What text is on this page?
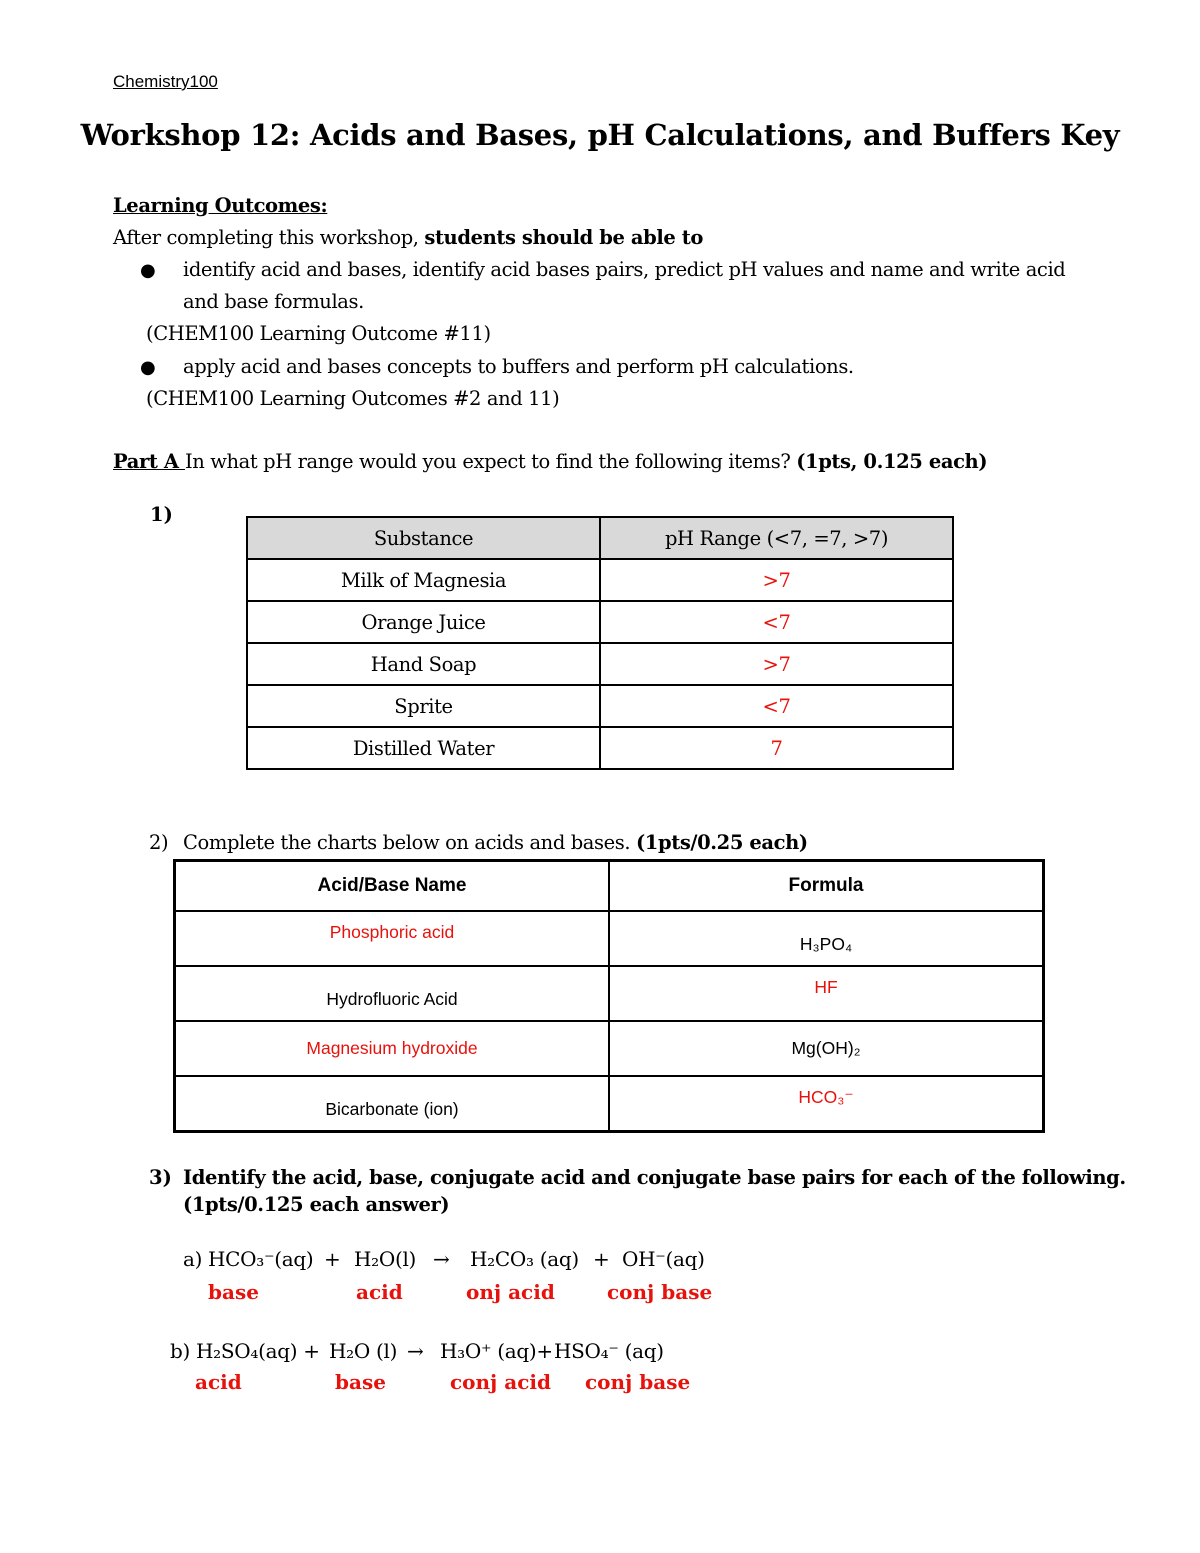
Chemistry100
Workshop 12: Acids and Bases, pH Calculations, and Buffers Key
Learning Outcomes:
After completing this workshop, students should be able to
● identify acid and bases, identify acid bases pairs, predict pH values and name and write acid
and base formulas.
(CHEM100 Learning Outcome #11)
● apply acid and bases concepts to buffers and perform pH calculations.
(CHEM100 Learning Outcomes #2 and 11)
Part A In what pH range would you expect to find the following items? (1pts, 0.125 each)
1)
Substance	pH Range (<7, =7, >7)
Milk of Magnesia	>7
Orange Juice	<7
Hand Soap	>7
Sprite	<7
Distilled Water	7
2) Complete the charts below on acids and bases. (1pts/0.25 each)
Acid/Base Name	Formula
Phosphoric acid	H₃PO₄
Hydrofluoric Acid	HF
Magnesium hydroxide	Mg(OH)₂
Bicarbonate (ion)	HCO₃⁻
3) Identify the acid, base, conjugate acid and conjugate base pairs for each of the following.
(1pts/0.125 each answer)
a) HCO₃⁻(aq) + H₂O(l) → H₂CO₃ (aq) + OH⁻(aq)
base	acid	onj acid	conj base
b) H₂SO₄(aq) + H₂O (l) → H₃O⁺ (aq)+ HSO₄⁻ (aq)
acid	base	conj acid conj base
